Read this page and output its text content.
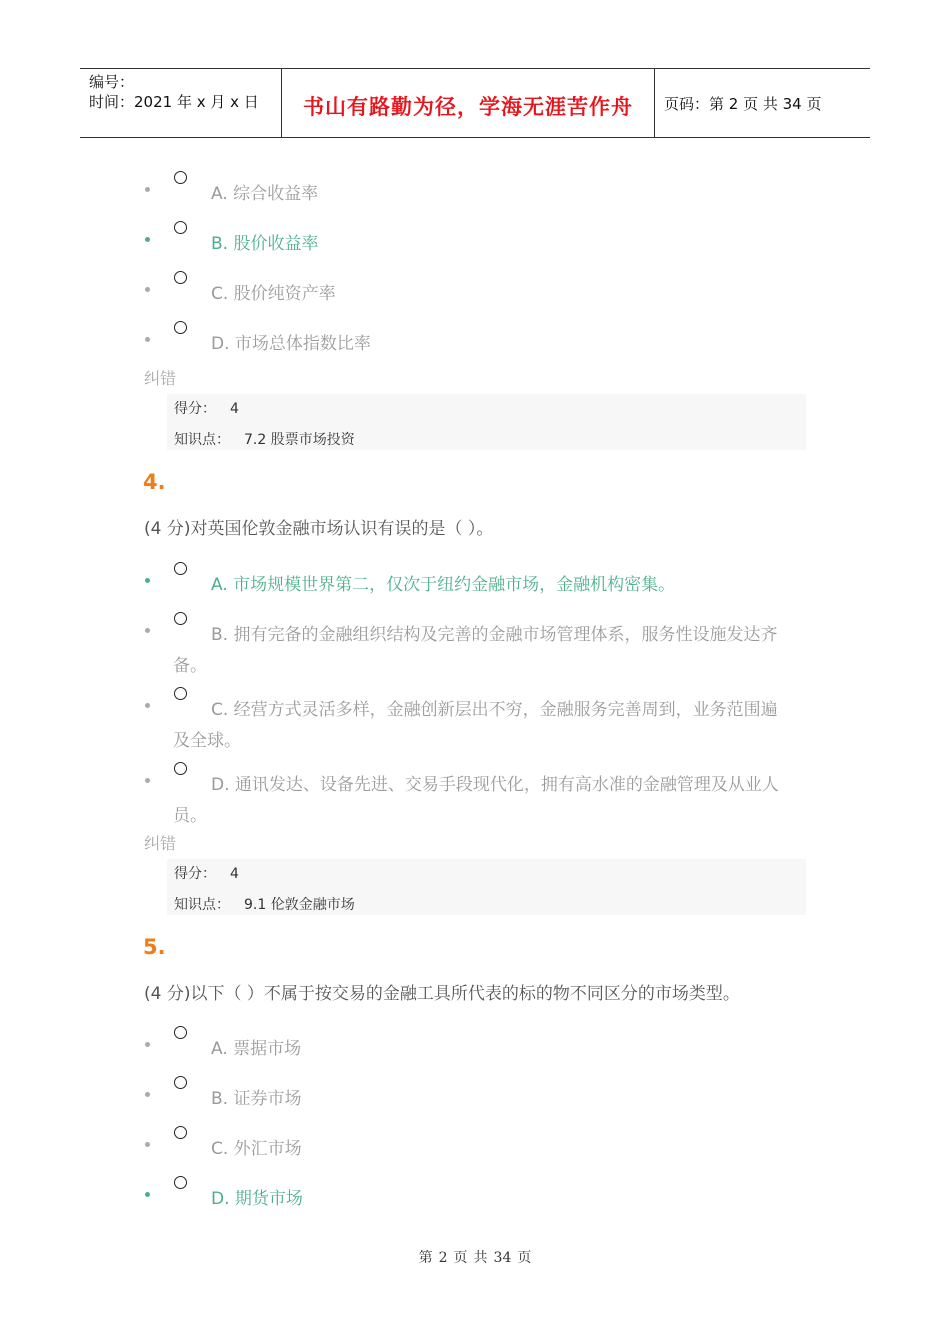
编号：
时间：2021 年 x 月 x 日	书山有路勤为径，学海无涯苦作舟	页码：第 2 页 共 34 页
A. 综合收益率
B. 股价收益率
C. 股价纯资产率
D. 市场总体指数比率
纠错
得分： 4
知识点： 7.2 股票市场投资
4.
(4 分)对英国伦敦金融市场认识有误的是（ ）。
A. 市场规模世界第二，仅次于纽约金融市场，金融机构密集。
B. 拥有完备的金融组织结构及完善的金融市场管理体系，服务性设施发达齐
备。
C. 经营方式灵活多样，金融创新层出不穷，金融服务完善周到，业务范围遍
及全球。
D. 通讯发达、设备先进、交易手段现代化，拥有高水准的金融管理及从业人
员。
纠错
得分： 4
知识点： 9.1 伦敦金融市场
5.
(4 分)以下（ ）不属于按交易的金融工具所代表的标的物不同区分的市场类型。
A. 票据市场
B. 证券市场
C. 外汇市场
D. 期货市场
第 2 页 共 34 页
